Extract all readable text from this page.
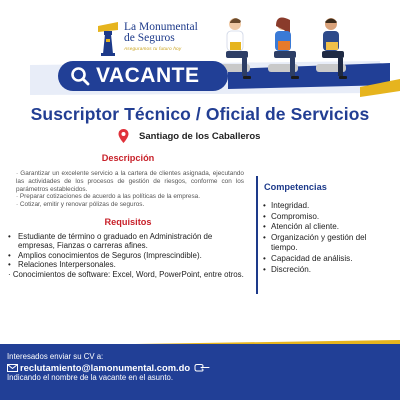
La Monumental
de Seguros
Aseguramos tu futuro hoy
VACANTE
Suscriptor Técnico / Oficial de Servicios
Santiago de los Caballeros
Descripción
· Garantizar un excelente servicio a la cartera de clientes asignada, ejecutando las actividades de los procesos de gestión de riesgos, conforme con los parámetros establecidos.
· Preparar cotizaciones de acuerdo a las políticas de la empresa.
· Cotizar, emitir y renovar pólizas de seguros.
Requisitos
• Estudiante de término o graduado en Administración de empresas, Fianzas o carreras afines.
• Amplios conocimientos de Seguros (Imprescindible).
• Relaciones Interpersonales.
· Conocimientos de software: Excel, Word, PowerPoint, entre otros.
Competencias
• Integridad.
• Compromiso.
• Atención al cliente.
• Organización y gestión del tiempo.
• Capacidad de análisis.
• Discreción.
Interesados enviar su CV a:
reclutamiento@lamonumental.com.do
Indicando el nombre de la vacante en el asunto.
